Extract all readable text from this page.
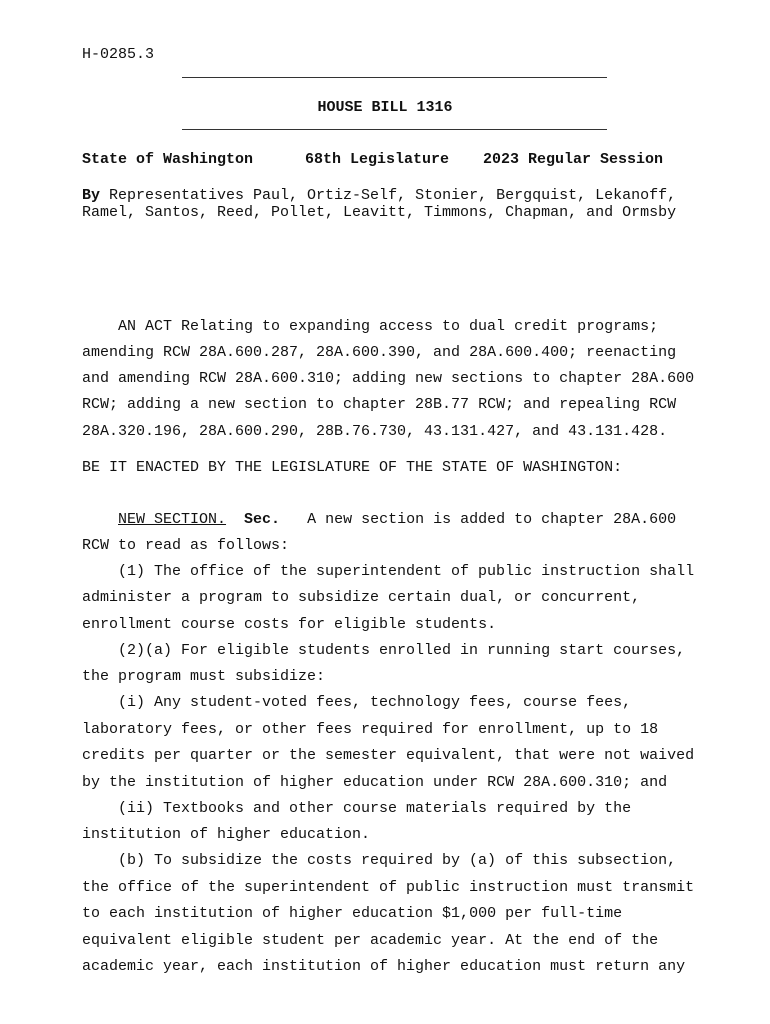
H-0285.3
HOUSE BILL 1316
State of Washington	68th Legislature 2023 Regular Session
By Representatives Paul, Ortiz-Self, Stonier, Bergquist, Lekanoff,
Ramel, Santos, Reed, Pollet, Leavitt, Timmons, Chapman, and Ormsby
AN ACT Relating to expanding access to dual credit programs;
amending RCW 28A.600.287, 28A.600.390, and 28A.600.400; reenacting
and amending RCW 28A.600.310; adding new sections to chapter 28A.600
RCW; adding a new section to chapter 28B.77 RCW; and repealing RCW
28A.320.196, 28A.600.290, 28B.76.730, 43.131.427, and 43.131.428.
BE IT ENACTED BY THE LEGISLATURE OF THE STATE OF WASHINGTON:
NEW SECTION. Sec.   A new section is added to chapter 28A.600
RCW to read as follows:
(1) The office of the superintendent of public instruction shall
administer a program to subsidize certain dual, or concurrent,
enrollment course costs for eligible students.
(2)(a) For eligible students enrolled in running start courses,
the program must subsidize:
(i) Any student-voted fees, technology fees, course fees,
laboratory fees, or other fees required for enrollment, up to 18
credits per quarter or the semester equivalent, that were not waived
by the institution of higher education under RCW 28A.600.310; and
(ii) Textbooks and other course materials required by the
institution of higher education.
(b) To subsidize the costs required by (a) of this subsection,
the office of the superintendent of public instruction must transmit
to each institution of higher education $1,000 per full-time
equivalent eligible student per academic year. At the end of the
academic year, each institution of higher education must return any
